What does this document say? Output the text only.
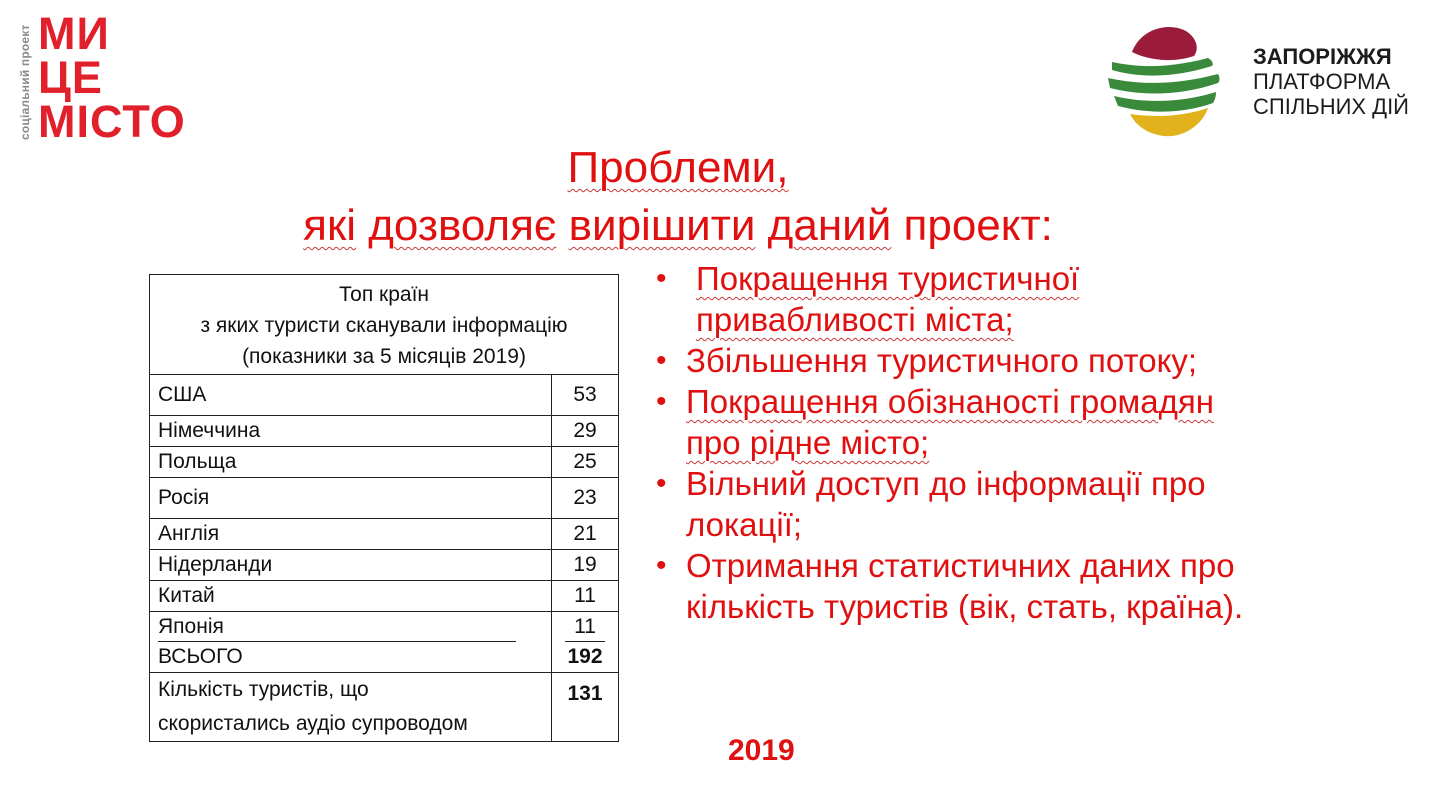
соціальний проект МИ
ЦЕ
МІСТО
ЗАПОРІЖЖЯ
ПЛАТФОРМА
СПІЛЬНИХ ДІЙ
Проблеми,
які дозволяє вирішити даний проект:
Топ країн
з яких туристи сканували інформацію
(показники за 5 місяців 2019)	

США	53
Німеччина	29
Польща	25
Росія	23
Англія	21
Нідерланди	19
Китай	11
Японія	11
ВСЬОГО	192

Кількість туристів, що
скористались аудіо супроводом	131
• Покращення туристичної
привабливості міста;
• Збільшення туристичного потоку;
• Покращення обізнаності громадян
про рідне місто;
• Вільний доступ до інформації про
локації;
• Отримання статистичних даних про
кількість туристів (вік, стать, країна).
2019
